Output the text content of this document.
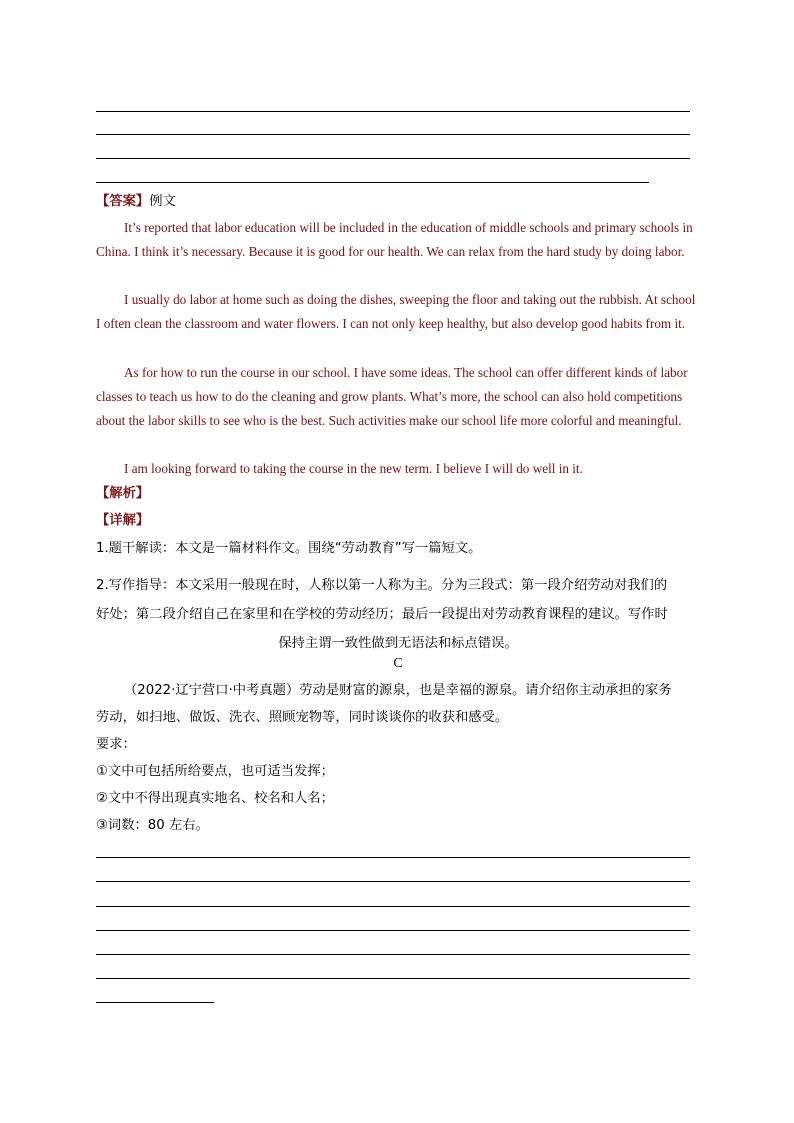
【答案】例文
It’s reported that labor education will be included in the education of middle schools and primary schools in China. I think it’s necessary. Because it is good for our health. We can relax from the hard study by doing labor.
I usually do labor at home such as doing the dishes, sweeping the floor and taking out the rubbish. At school I often clean the classroom and water flowers. I can not only keep healthy, but also develop good habits from it.
As for how to run the course in our school. I have some ideas. The school can offer different kinds of labor classes to teach us how to do the cleaning and grow plants. What’s more, the school can also hold competitions about the labor skills to see who is the best. Such activities make our school life more colorful and meaningful.
I am looking forward to taking the course in the new term. I believe I will do well in it.
【解析】
【详解】
1.题干解读：本文是一篇材料作文。围绕“劳动教育”写一篇短文。
2.写作指导：本文采用一般现在时，人称以第一人称为主。分为三段式：第一段介绍劳动对我们的
好处；第二段介绍自己在家里和在学校的劳动经历；最后一段提出对劳动教育课程的建议。写作时
保持主谓一致性做到无语法和标点错误。
C
（2022·辽宁营口·中考真题）劳动是财富的源泉，也是幸福的源泉。请介绍你主动承担的家务
劳动，如扫地、做饭、洗衣、照顾宠物等，同时谈谈你的收获和感受。
要求：
①文中可包括所给要点，也可适当发挥；
②文中不得出现真实地名、校名和人名；
③词数：80 左右。
